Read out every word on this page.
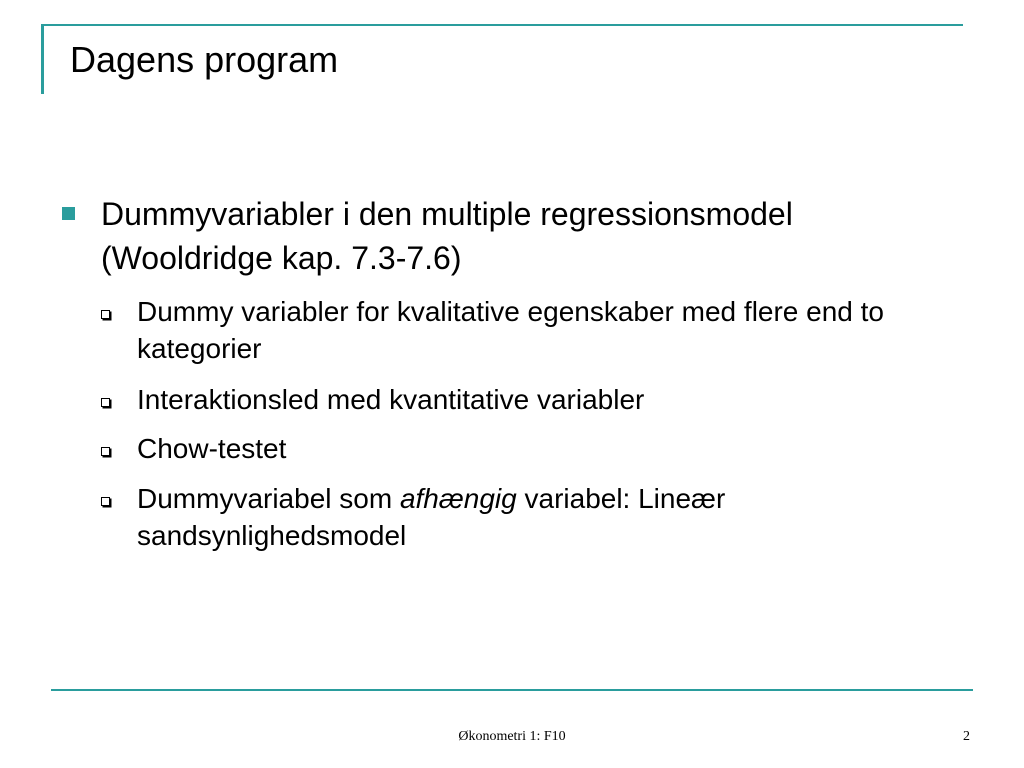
Dagens program
Dummyvariabler i den multiple regressionsmodel (Wooldridge kap. 7.3-7.6)
Dummy variabler for kvalitative egenskaber med flere end to kategorier
Interaktionsled med kvantitative variabler
Chow-testet
Dummyvariabel som afhængig variabel: Lineær sandsynlighedsmodel
Økonometri 1: F10	2
